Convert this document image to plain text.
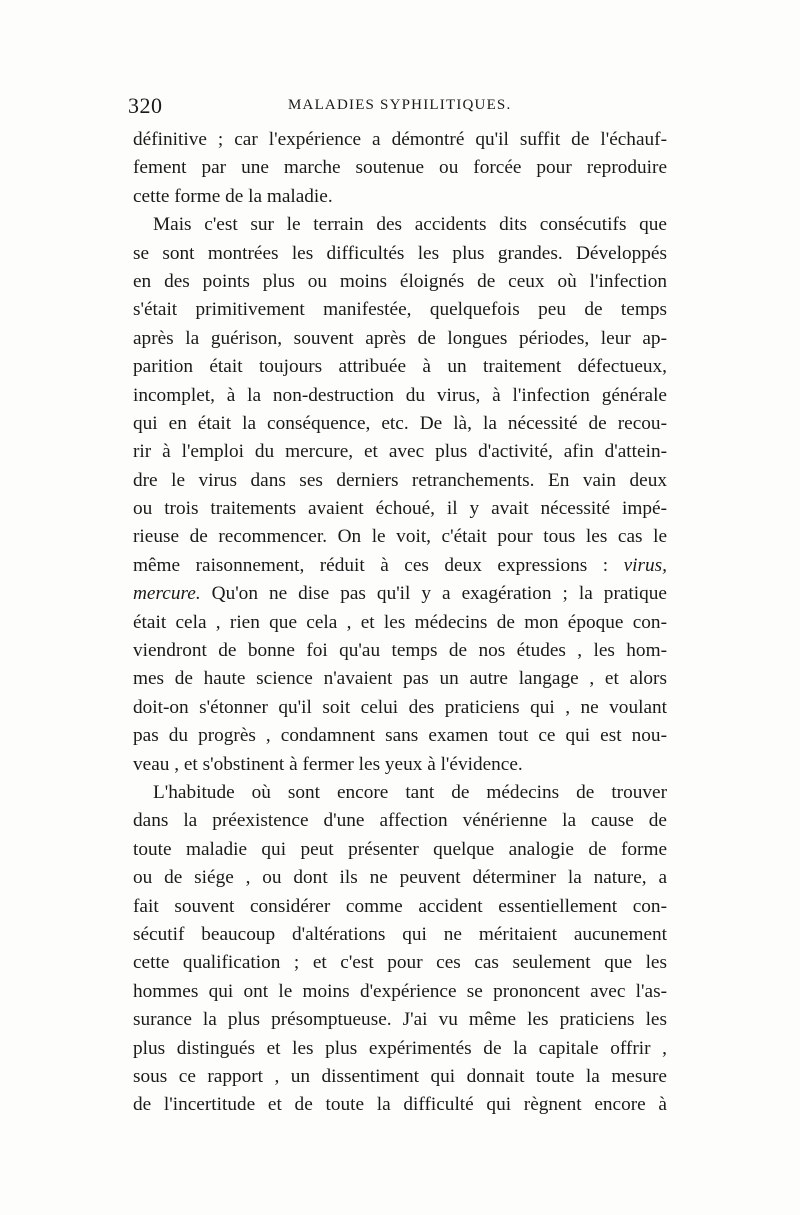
320	MALADIES SYPHILITIQUES.
définitive ; car l'expérience a démontré qu'il suffit de l'échauf-
fement par une marche soutenue ou forcée pour reproduire
cette forme de la maladie.
Mais c'est sur le terrain des accidents dits consécutifs que
se sont montrées les difficultés les plus grandes. Développés
en des points plus ou moins éloignés de ceux où l'infection
s'était primitivement manifestée, quelquefois peu de temps
après la guérison, souvent après de longues périodes, leur ap-
parition était toujours attribuée à un traitement défectueux,
incomplet, à la non-destruction du virus, à l'infection générale
qui en était la conséquence, etc. De là, la nécessité de recou-
rir à l'emploi du mercure, et avec plus d'activité, afin d'attein-
dre le virus dans ses derniers retranchements. En vain deux
ou trois traitements avaient échoué, il y avait nécessité impé-
rieuse de recommencer. On le voit, c'était pour tous les cas le
même raisonnement, réduit à ces deux expressions : virus,
mercure. Qu'on ne dise pas qu'il y a exagération ; la pratique
était cela , rien que cela , et les médecins de mon époque con-
viendront de bonne foi qu'au temps de nos études , les hom-
mes de haute science n'avaient pas un autre langage , et alors
doit-on s'étonner qu'il soit celui des praticiens qui , ne voulant
pas du progrès , condamnent sans examen tout ce qui est nou-
veau , et s'obstinent à fermer les yeux à l'évidence.
L'habitude où sont encore tant de médecins de trouver
dans la préexistence d'une affection vénérienne la cause de
toute maladie qui peut présenter quelque analogie de forme
ou de siége , ou dont ils ne peuvent déterminer la nature, a
fait souvent considérer comme accident essentiellement con-
sécutif beaucoup d'altérations qui ne méritaient aucunement
cette qualification ; et c'est pour ces cas seulement que les
hommes qui ont le moins d'expérience se prononcent avec l'as-
surance la plus présomptueuse. J'ai vu même les praticiens les
plus distingués et les plus expérimentés de la capitale offrir ,
sous ce rapport , un dissentiment qui donnait toute la mesure
de l'incertitude et de toute la difficulté qui règnent encore à
